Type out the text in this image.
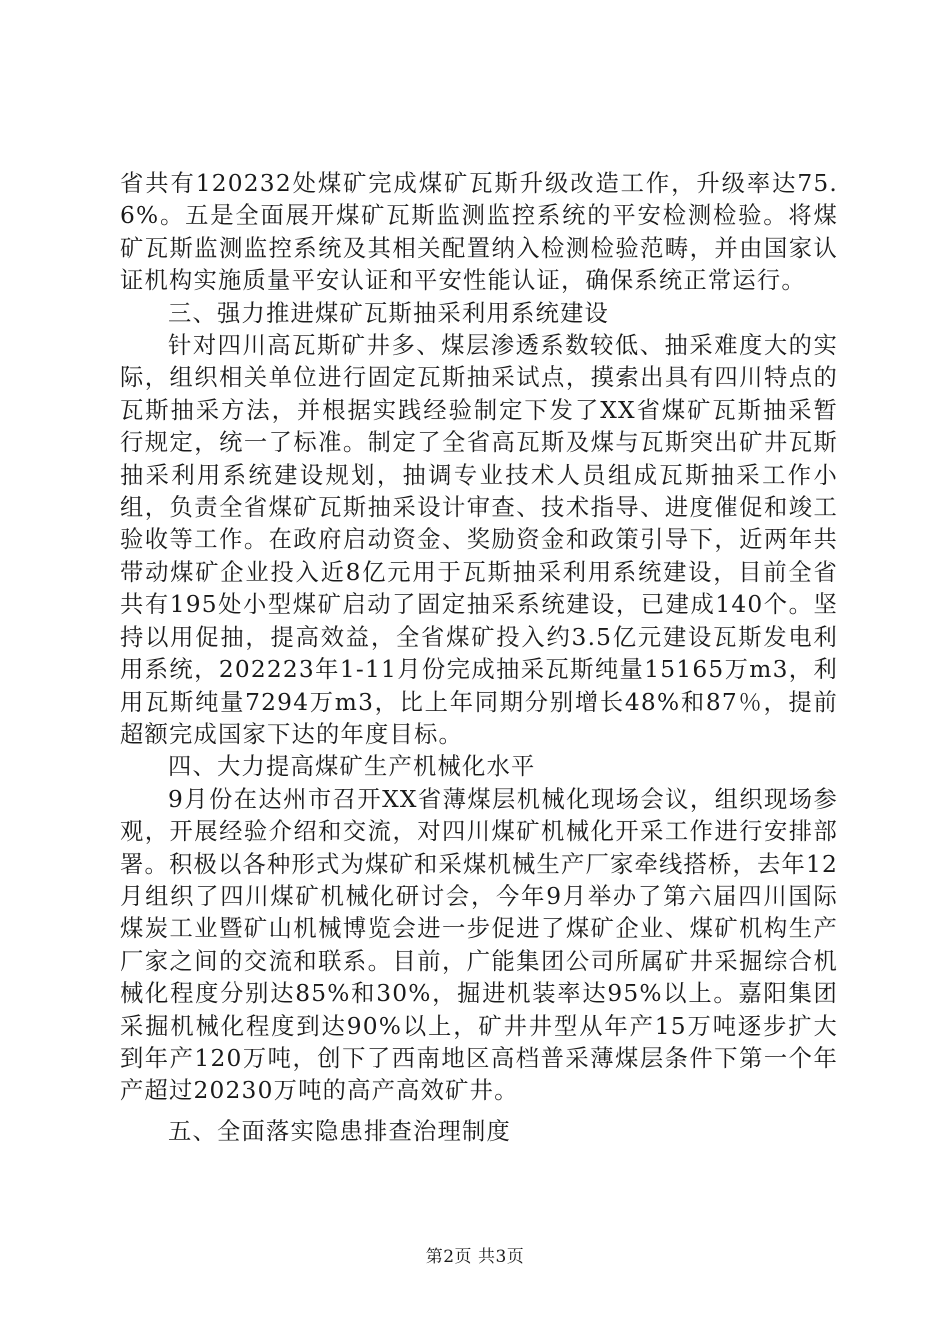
省共有120232处煤矿完成煤矿瓦斯升级改造工作，升级率达75.6%。五是全面展开煤矿瓦斯监测监控系统的平安检测检验。将煤矿瓦斯监测监控系统及其相关配置纳入检测检验范畴，并由国家认证机构实施质量平安认证和平安性能认证，确保系统正常运行。

三、强力推进煤矿瓦斯抽采利用系统建设

针对四川高瓦斯矿井多、煤层渗透系数较低、抽采难度大的实际，组织相关单位进行固定瓦斯抽采试点，摸索出具有四川特点的瓦斯抽采方法，并根据实践经验制定下发了XX省煤矿瓦斯抽采暂行规定，统一了标准。制定了全省高瓦斯及煤与瓦斯突出矿井瓦斯抽采利用系统建设规划，抽调专业技术人员组成瓦斯抽采工作小组，负责全省煤矿瓦斯抽采设计审查、技术指导、进度催促和竣工验收等工作。在政府启动资金、奖励资金和政策引导下，近两年共带动煤矿企业投入近8亿元用于瓦斯抽采利用系统建设，目前全省共有195处小型煤矿启动了固定抽采系统建设，已建成140个。坚持以用促抽，提高效益，全省煤矿投入约3.5亿元建设瓦斯发电利用系统，202223年1-11月份完成抽采瓦斯纯量15165万m3，利用瓦斯纯量7294万m3，比上年同期分别增长48%和87％，提前超额完成国家下达的年度目标。

四、大力提高煤矿生产机械化水平

9月份在达州市召开XX省薄煤层机械化现场会议，组织现场参观，开展经验介绍和交流，对四川煤矿机械化开采工作进行安排部署。积极以各种形式为煤矿和采煤机械生产厂家牵线搭桥，去年12月组织了四川煤矿机械化研讨会，今年9月举办了第六届四川国际煤炭工业暨矿山机械博览会进一步促进了煤矿企业、煤矿机构生产厂家之间的交流和联系。目前，广能集团公司所属矿井采掘综合机械化程度分别达85%和30%，掘进机装率达95%以上。嘉阳集团采掘机械化程度到达90%以上，矿井井型从年产15万吨逐步扩大到年产120万吨，创下了西南地区高档普采薄煤层条件下第一个年产超过20230万吨的高产高效矿井。

五、全面落实隐患排查治理制度

第2页 共3页
